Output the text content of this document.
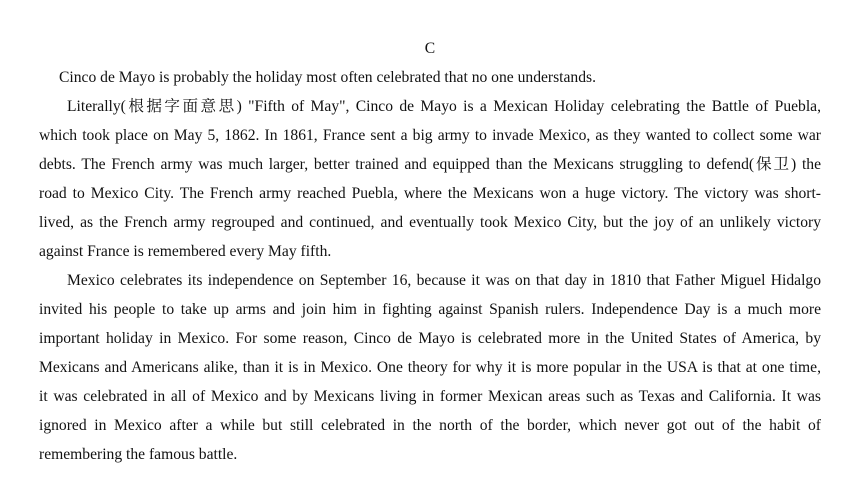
C
Cinco de Mayo is probably the holiday most often celebrated that no one understands.
Literally(根据字面意思) "Fifth of May", Cinco de Mayo is a Mexican Holiday celebrating the Battle of Puebla,
which took place on May 5, 1862. In 1861, France sent a big army to invade Mexico, as they wanted to collect some war
debts. The French army was much larger, better trained and equipped than the Mexicans struggling to defend(保卫) the
road to Mexico City. The French army reached Puebla, where the Mexicans won a huge victory. The victory was short-
lived, as the French army regrouped and continued, and eventually took Mexico City, but the joy of an unlikely victory
against France is remembered every May fifth.
Mexico celebrates its independence on September 16, because it was on that day in 1810 that Father Miguel Hidalgo
invited his people to take up arms and join him in fighting against Spanish rulers. Independence Day is a much more
important holiday in Mexico. For some reason, Cinco de Mayo is celebrated more in the United States of America, by
Mexicans and Americans alike, than it is in Mexico. One theory for why it is more popular in the USA is that at one time,
it was celebrated in all of Mexico and by Mexicans living in former Mexican areas such as Texas and California. It was
ignored in Mexico after a while but still celebrated in the north of the border, which never got out of the habit of
remembering the famous battle.
